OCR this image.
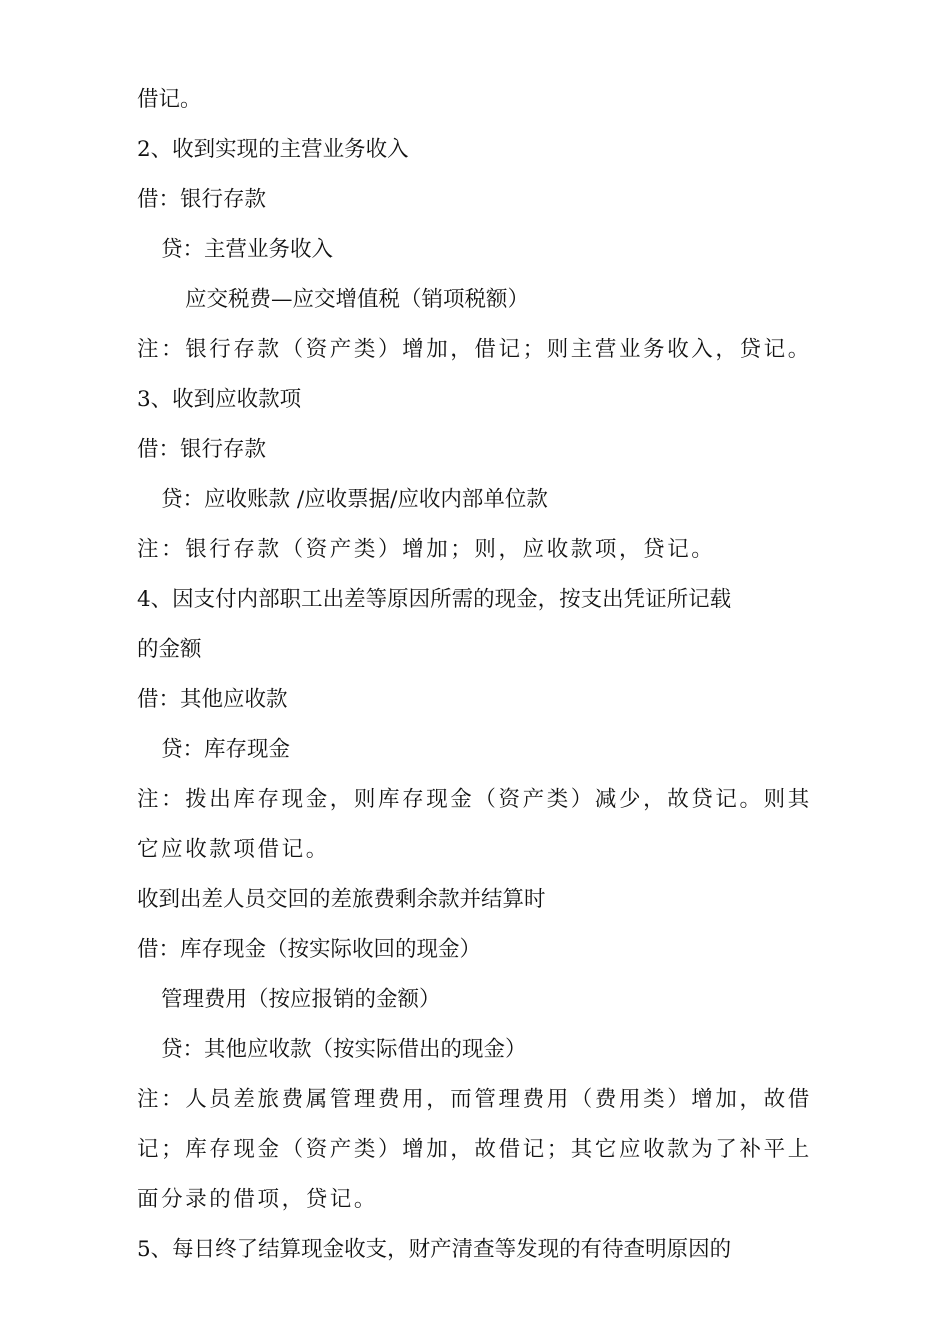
借记。
2、收到实现的主营业务收入
借：银行存款
贷：主营业务收入
应交税费—应交增值税（销项税额）
注：银行存款（资产类）增加，借记；则主营业务收入，贷记。
3、收到应收款项
借：银行存款
贷：应收账款 /应收票据/应收内部单位款
注：银行存款（资产类）增加；则，应收款项，贷记。
4、因支付内部职工出差等原因所需的现金，按支出凭证所记载
的金额
借：其他应收款
贷：库存现金
注：拨出库存现金，则库存现金（资产类）减少，故贷记。则其
它应收款项借记。
收到出差人员交回的差旅费剩余款并结算时
借：库存现金（按实际收回的现金）
管理费用（按应报销的金额）
贷：其他应收款（按实际借出的现金）
注：人员差旅费属管理费用，而管理费用（费用类）增加，故借
记；库存现金（资产类）增加，故借记；其它应收款为了补平上
面分录的借项，贷记。
5、每日终了结算现金收支，财产清查等发现的有待查明原因的
